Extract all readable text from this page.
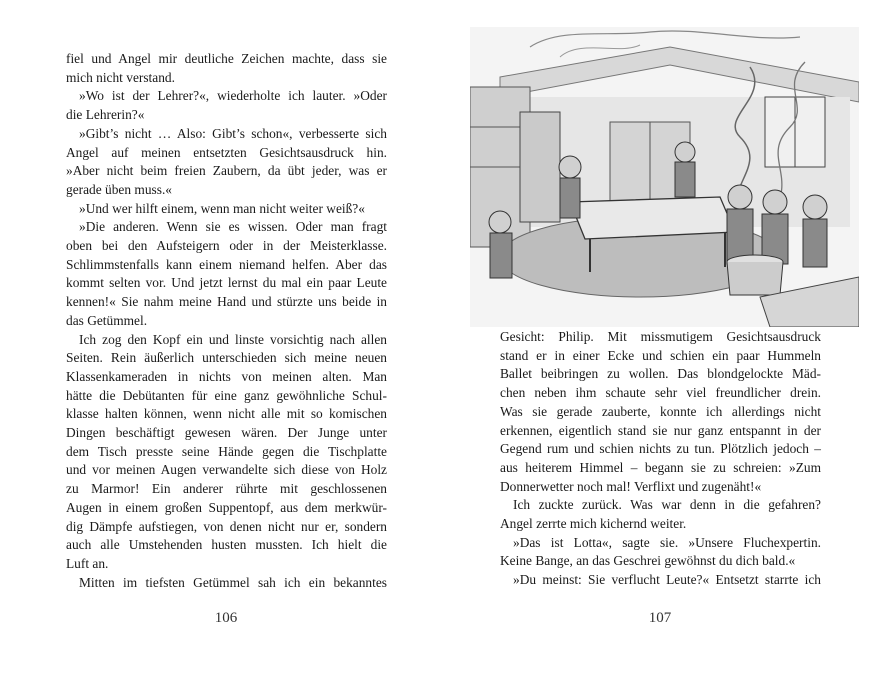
fiel und Angel mir deutliche Zeichen machte, dass sie

mich nicht verstand.

»Wo ist der Lehrer?«, wiederholte ich lauter. »Oder

die Lehrerin?«

»Gibt’s nicht … Also: Gibt’s schon«, verbesserte sich

Angel auf meinen entsetzten Gesichtsausdruck hin.

»Aber nicht beim freien Zaubern, da übt jeder, was er

gerade üben muss.«

»Und wer hilft einem, wenn man nicht weiter weiß?«

»Die anderen. Wenn sie es wissen. Oder man fragt

oben bei den Aufsteigern oder in der Meisterklasse.

Schlimmstenfalls kann einem niemand helfen. Aber das

kommt selten vor. Und jetzt lernst du mal ein paar Leute

kennen!« Sie nahm meine Hand und stürzte uns beide in

das Getümmel.

Ich zog den Kopf ein und linste vorsichtig nach allen

Seiten. Rein äußerlich unterschieden sich meine neuen

Klassenkameraden in nichts von meinen alten. Man

hätte die Debütanten für eine ganz gewöhnliche Schul-

klasse halten können, wenn nicht alle mit so komischen

Dingen beschäftigt gewesen wären. Der Junge unter

dem Tisch presste seine Hände gegen die Tischplatte

und vor meinen Augen verwandelte sich diese von Holz

zu Marmor! Ein anderer rührte mit geschlossenen

Augen in einem großen Suppentopf, aus dem merkwür-

dig Dämpfe aufstiegen, von denen nicht nur er, sondern

auch alle Umstehenden husten mussten. Ich hielt die

Luft an.

Mitten im tiefsten Getümmel sah ich ein bekanntes

106

Gesicht: Philip. Mit missmutigem Gesichtsausdruck

stand er in einer Ecke und schien ein paar Hummeln

Ballet beibringen zu wollen. Das blondgelockte Mäd-

chen neben ihm schaute sehr viel freundlicher drein.

Was sie gerade zauberte, konnte ich allerdings nicht

erkennen, eigentlich stand sie nur ganz entspannt in der

Gegend rum und schien nichts zu tun. Plötzlich jedoch –

aus heiterem Himmel – begann sie zu schreien: »Zum

Donnerwetter noch mal! Verflixt und zugenäht!«

Ich zuckte zurück. Was war denn in die gefahren?

Angel zerrte mich kichernd weiter.

»Das ist Lotta«, sagte sie. »Unsere Fluchexpertin.

Keine Bange, an das Geschrei gewöhnst du dich bald.«

»Du meinst: Sie verflucht Leute?« Entsetzt starrte ich

107
